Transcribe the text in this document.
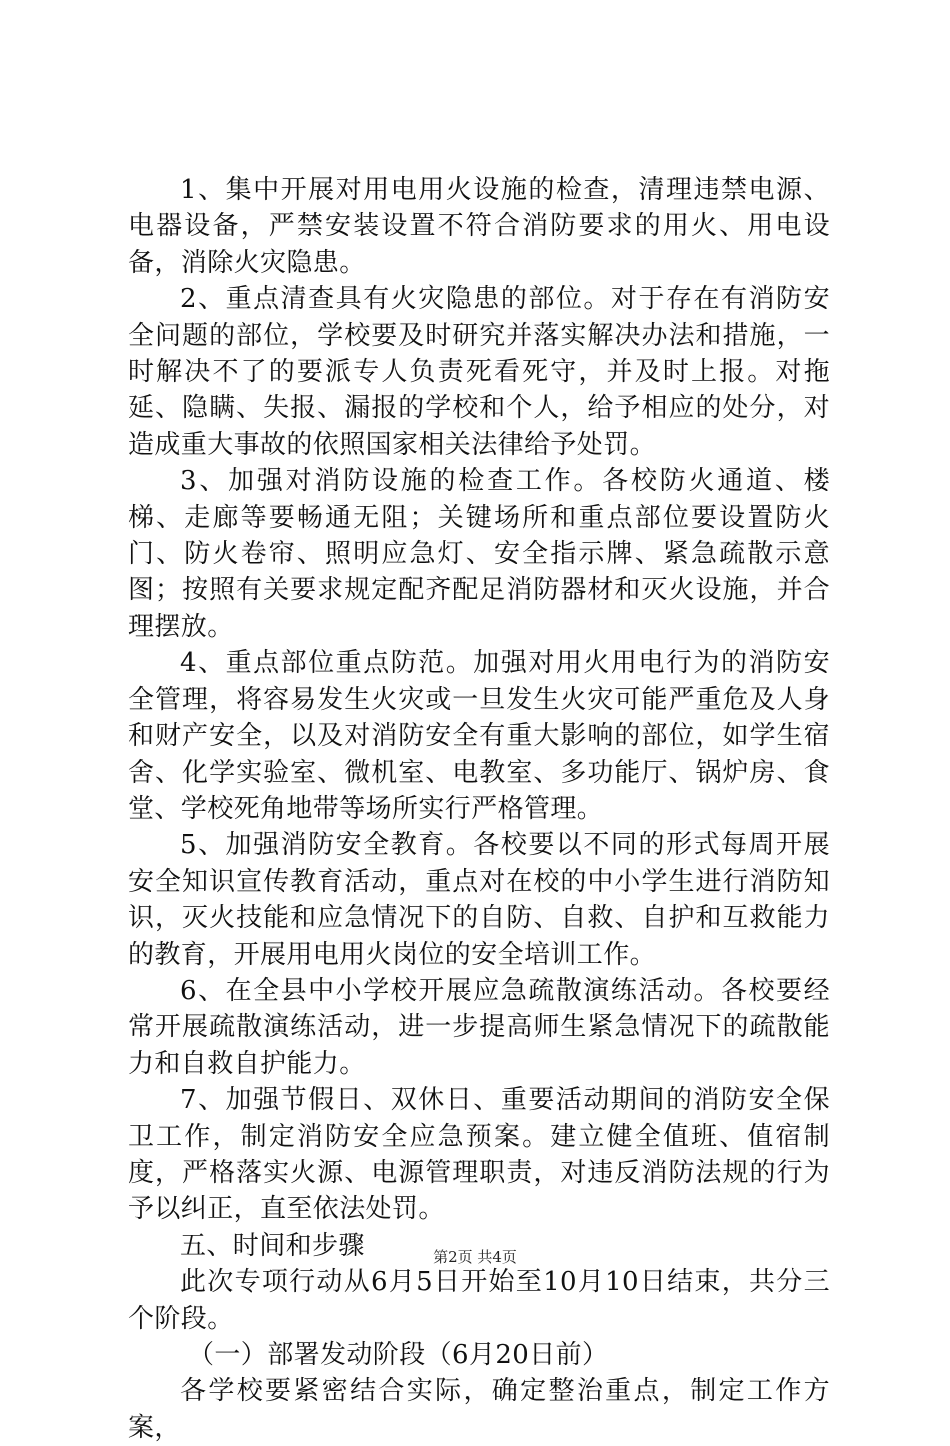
1、集中开展对用电用火设施的检查，清理违禁电源、电器设备，严禁安装设置不符合消防要求的用火、用电设备，消除火灾隐患。

2、重点清查具有火灾隐患的部位。对于存在有消防安全问题的部位，学校要及时研究并落实解决办法和措施，一时解决不了的要派专人负责死看死守，并及时上报。对拖延、隐瞒、失报、漏报的学校和个人，给予相应的处分，对造成重大事故的依照国家相关法律给予处罚。

3、加强对消防设施的检查工作。各校防火通道、楼梯、走廊等要畅通无阻；关键场所和重点部位要设置防火门、防火卷帘、照明应急灯、安全指示牌、紧急疏散示意图；按照有关要求规定配齐配足消防器材和灭火设施，并合理摆放。

4、重点部位重点防范。加强对用火用电行为的消防安全管理，将容易发生火灾或一旦发生火灾可能严重危及人身和财产安全，以及对消防安全有重大影响的部位，如学生宿舍、化学实验室、微机室、电教室、多功能厅、锅炉房、食堂、学校死角地带等场所实行严格管理。

5、加强消防安全教育。各校要以不同的形式每周开展安全知识宣传教育活动，重点对在校的中小学生进行消防知识，灭火技能和应急情况下的自防、自救、自护和互救能力的教育，开展用电用火岗位的安全培训工作。

6、在全县中小学校开展应急疏散演练活动。各校要经常开展疏散演练活动，进一步提高师生紧急情况下的疏散能力和自救自护能力。

7、加强节假日、双休日、重要活动期间的消防安全保卫工作，制定消防安全应急预案。建立健全值班、值宿制度，严格落实火源、电源管理职责，对违反消防法规的行为予以纠正，直至依法处罚。

五、时间和步骤

此次专项行动从6月5日开始至10月10日结束，共分三个阶段。

（一）部署发动阶段（6月20日前）

各学校要紧密结合实际，确定整治重点，制定工作方案，

第2页 共4页
